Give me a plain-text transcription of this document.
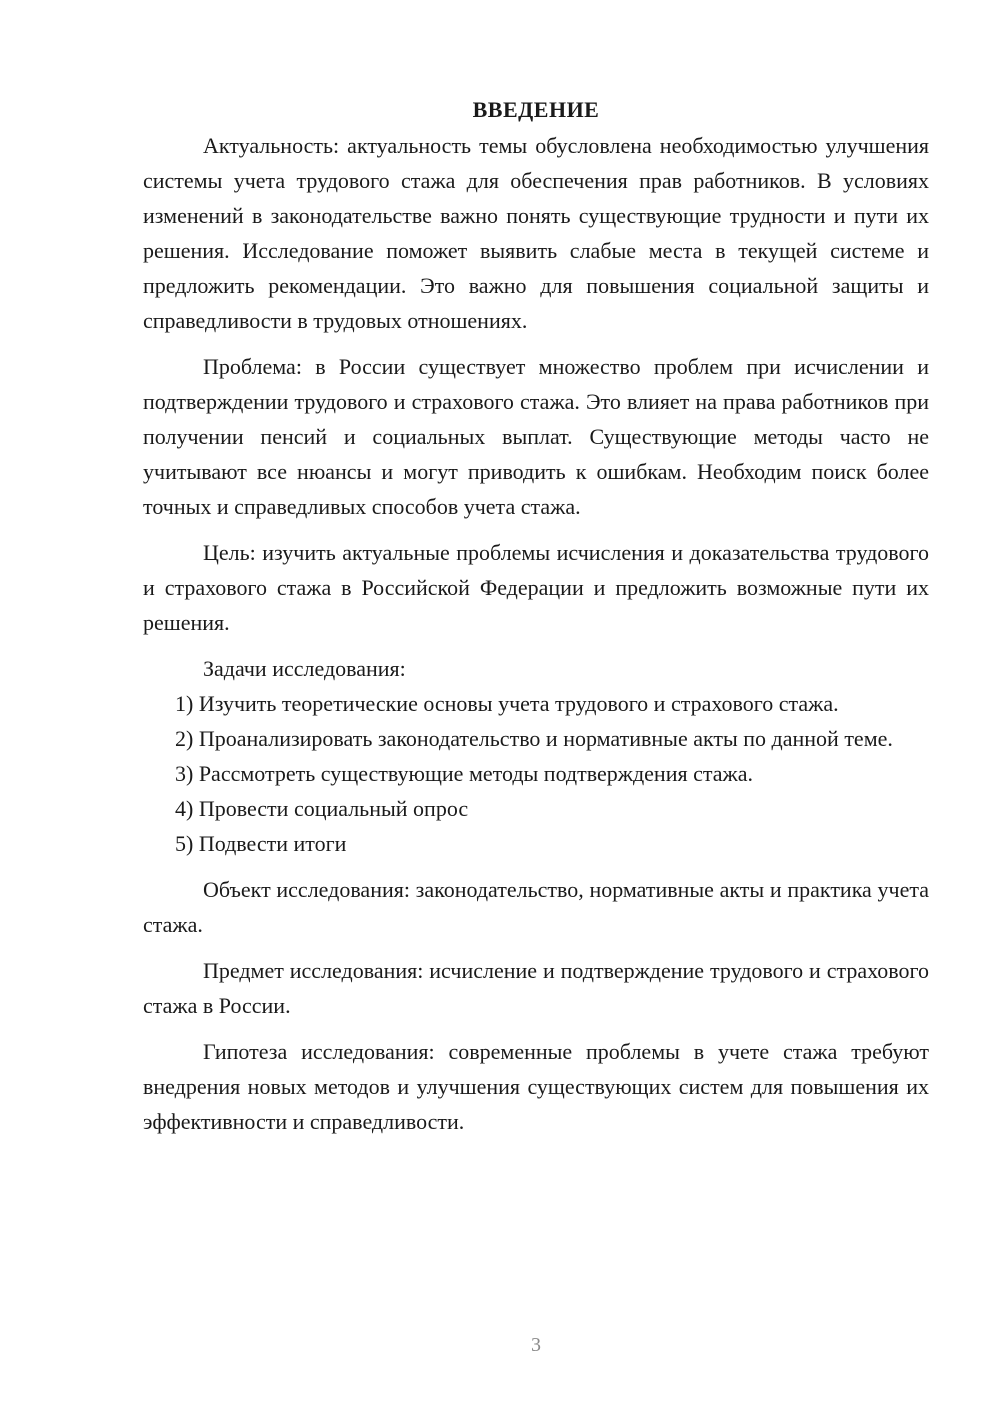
ВВЕДЕНИЕ

Актуальность: актуальность темы обусловлена необходимостью улучшения системы учета трудового стажа для обеспечения прав работников. В условиях изменений в законодательстве важно понять существующие трудности и пути их решения. Исследование поможет выявить слабые места в текущей системе и предложить рекомендации. Это важно для повышения социальной защиты и справедливости в трудовых отношениях.

Проблема: в России существует множество проблем при исчислении и подтверждении трудового и страхового стажа. Это влияет на права работников при получении пенсий и социальных выплат. Существующие методы часто не учитывают все нюансы и могут приводить к ошибкам. Необходим поиск более точных и справедливых способов учета стажа.

Цель: изучить актуальные проблемы исчисления и доказательства трудового и страхового стажа в Российской Федерации и предложить возможные пути их решения.

Задачи исследования:

1) Изучить теоретические основы учета трудового и страхового стажа.

2) Проанализировать законодательство и нормативные акты по данной теме.

3) Рассмотреть существующие методы подтверждения стажа.

4) Провести социальный опрос

5) Подвести итоги

Объект исследования: законодательство, нормативные акты и практика учета стажа.

Предмет исследования: исчисление и подтверждение трудового и страхового стажа в России.

Гипотеза исследования: современные проблемы в учете стажа требуют внедрения новых методов и улучшения существующих систем для повышения их эффективности и справедливости.

3
